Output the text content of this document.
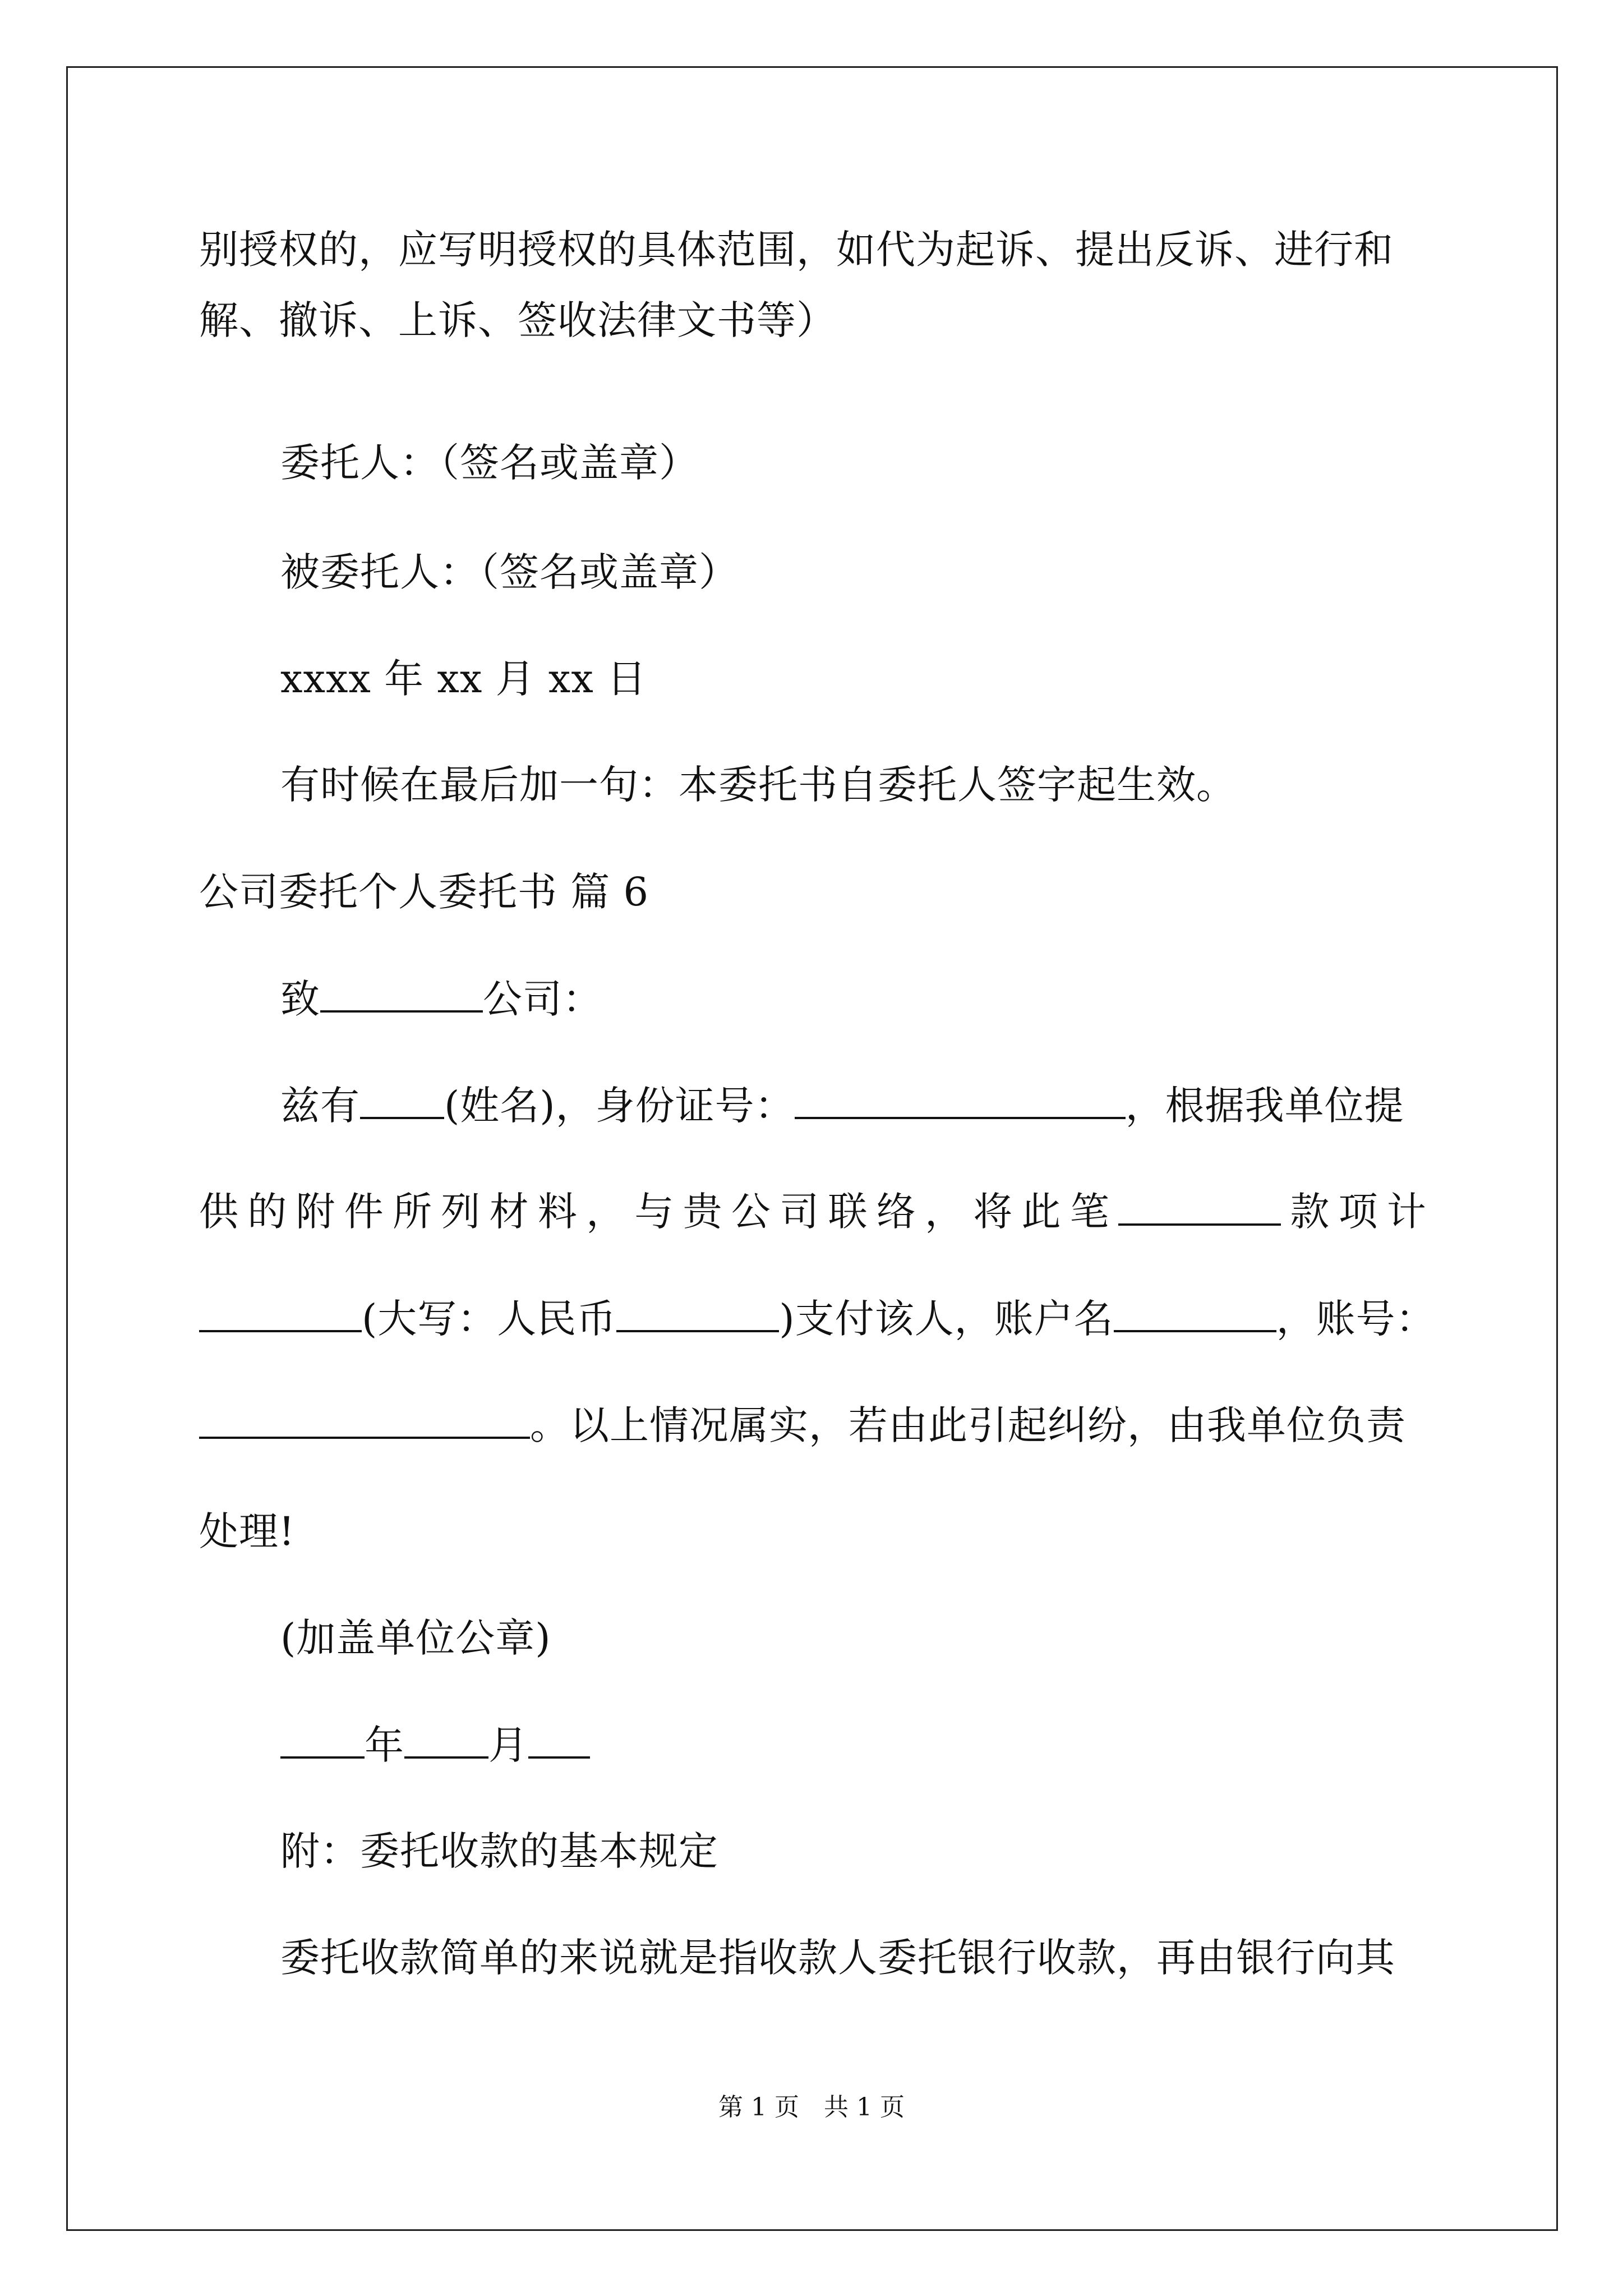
别授权的，应写明授权的具体范围，如代为起诉、提出反诉、进行和
解、撤诉、上诉、签收法律文书等）
委托人：（签名或盖章）
被委托人：（签名或盖章）
xxxx 年 xx 月 xx 日
有时候在最后加一句：本委托书自委托人签字起生效。
公司委托个人委托书 篇 6
致	公司：
兹有 (姓名)，身份证号：	，根据我单位提
供 的 附 件 所 列 材 料 ， 与 贵 公 司 联 络 ， 将 此 笔	款 项 计
(大写：人民币	)支付该人，账户名	，账号：
。以上情况属实，若由此引起纠纷，由我单位负责
处理!
(加盖单位公章)
年 月
附：委托收款的基本规定
委托收款简单的来说就是指收款人委托银行收款，再由银行向其
第 1 页　共 1 页
